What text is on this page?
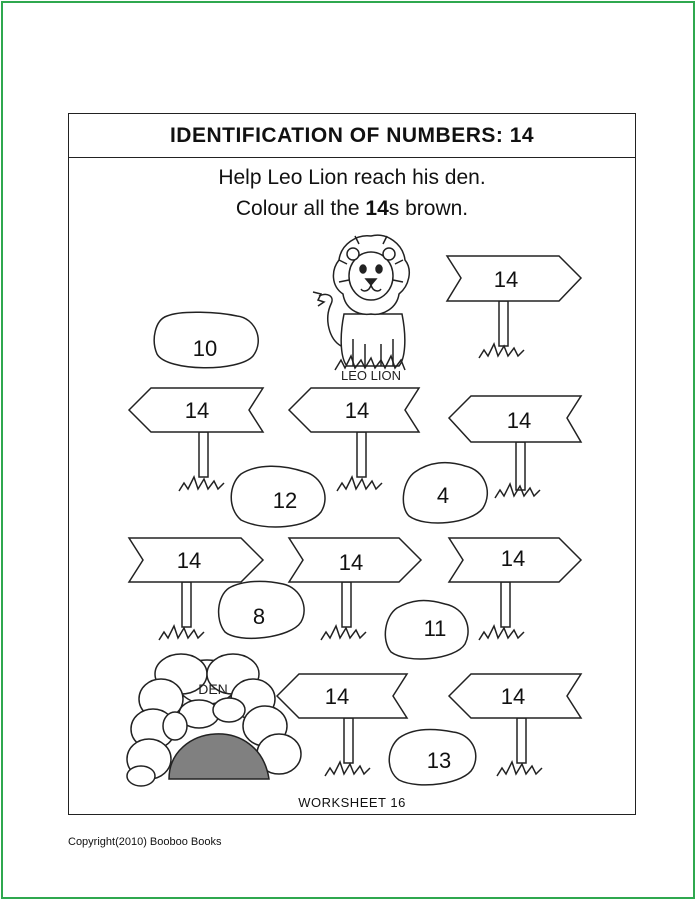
IDENTIFICATION OF NUMBERS: 14
Help Leo Lion reach his den.
Colour all the 14s brown.
LEO LION
DEN
14
14	14	14
14	14	14
14	14
10
12	4
8	11
13
WORKSHEET 16
Copyright(2010) Booboo Books
